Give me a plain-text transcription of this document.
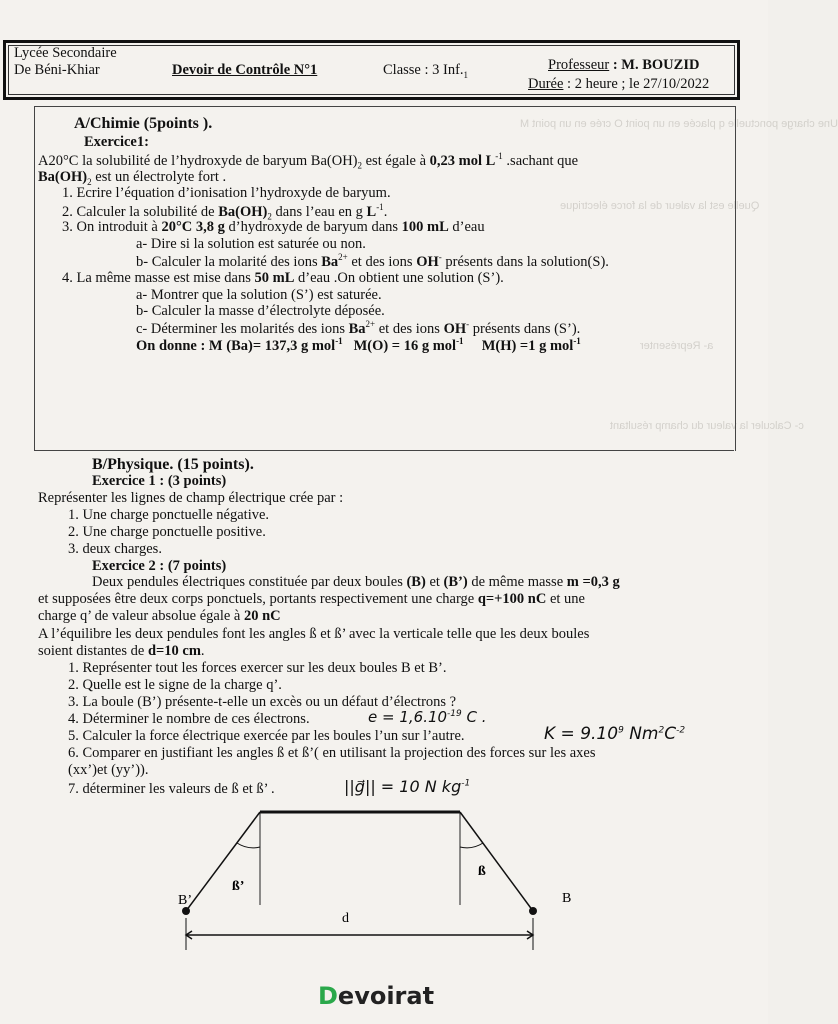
Une charge ponctuelle q placée en un point O crée en un point M
Quelle est la valeur de la force électrique
a- Représenter
c- Calculer la valeur du champ résultant
Lycée Secondaire
De Béni-Khiar	Devoir de Contrôle N°1	Classe : 3 $Inf._1$
Professeur : M. BOUZID
Durée : 2 heure ; le 27/10/2022
A/Chimie (5points ).
Exercice1:
A20°C la solubilité de l’hydroxyde de baryum $Ba(OH)_2$ est égale à 0,23 mol $L^{-1}$ .sachant que
$Ba(OH)_2$ est un électrolyte fort .
1. Ecrire l’équation d’ionisation l’hydroxyde de baryum.
2. Calculer la solubilité de $Ba(OH)_2$ dans l’eau en g $L^{-1}$.
3. On introduit à 20°C 3,8 g d’hydroxyde de baryum dans 100 mL d’eau
a- Dire si la solution est saturée ou non.
b- Calculer la molarité des ions $Ba^{2+}$ et des ions OH- présents dans la solution(S).
4. La même masse est mise dans 50 mL d’eau .On obtient une solution (S’).
a- Montrer que la solution (S’) est saturée.
b- Calculer la masse d’électrolyte déposée.
c- Déterminer les molarités des ions $Ba^{2+}$ et des ions OH- présents dans (S’).
On donne : M (Ba)= 137,3 g mol$^{-1}$ M(O) = 16 g mol$^{-1}$ M(H) =1 g mol$^{-1}$
B/Physique. (15 points).
Exercice 1 : (3 points)
Représenter les lignes de champ électrique crée par :
1. Une charge ponctuelle négative.
2. Une charge ponctuelle positive.
3. deux charges.
Exercice 2 : (7 points)
Deux pendules électriques constituée par deux boules (B) et (B’) de même masse m =0,3 g
et supposées être deux corps ponctuels, portants respectivement une charge q=+100 nC et une
charge q’ de valeur absolue égale à 20 nC
A l’équilibre les deux pendules font les angles ß et ß’ avec la verticale telle que les deux boules
soient distantes de d=10 cm.
1. Représenter tout les forces exercer sur les deux boules B et B’.
2. Quelle est le signe de la charge q’.
3. La boule (B’) présente-t-elle un excès ou un défaut d’électrons ?
4. Déterminer le nombre de ces électrons.
5. Calculer la force électrique exercée par les boules l’un sur l’autre.
6. Comparer en justifiant les angles ß et ß’( en utilisant la projection des forces sur les axes
(xx’)et (yy’)).
7. déterminer les valeurs de ß et ß’ .
$e = 1,6.10^{-19}$ C .
$K = 9.10^9$ $Nm^2C^{-2}$
||g⃗|| = 10 N $kg^{-1}$
B’	B
ß’
ß
d
Devoirat
